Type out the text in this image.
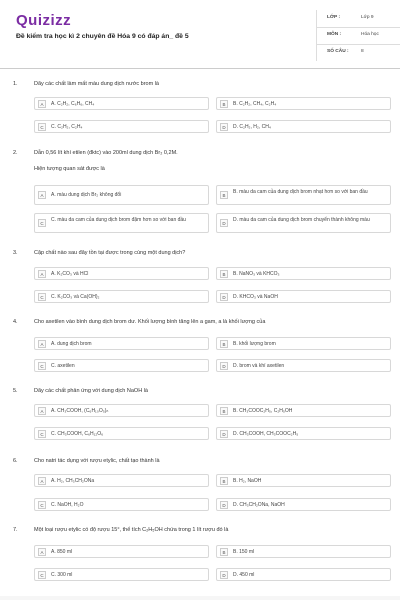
Quizizz
Đề kiểm tra học kì 2 chuyên đề Hóa 9 có đáp án_ đề 5
LỚP :	Lớp 9
MÔN :	Hóa học
SỐ CÂU :	8
1.	Dãy các chất làm mất màu dung dịch nước brom là
A	A. C₂H₂, C₆H₆, CH₄	B	B. C₂H₂, CH₄, C₂H₄
C	C. C₂H₂, C₂H₄	D	D. C₂H₂, H₂, CH₄
2.	Dẫn 0,56 lít khí etilen (đktc) vào 200ml dung dịch Br₂ 0,2M.
Hiện tượng quan sát được là
A	A. màu dung dịch Br₂ không đổi	B
B. màu da cam của dung dịch brom nhạt hơn so với ban đầu
C
C. màu da cam của dung dịch brom đậm hơn so với ban đầu
D
D. màu da cam của dung dịch brom chuyển thành không màu
3.	Cặp chất nào sau đây tồn tại được trong cùng một dung dịch?
A	A. K₂CO₃ và HCl	B	B. NaNO₃ và KHCO₃
C	C. K₂CO₃ và Ca(OH)₂	D	D. KHCO₃ và NaOH
4.	Cho axetilen vào bình dung dịch brom dư. Khối lượng bình tăng lên a gam, a là khối lượng của
A	A. dung dịch brom	B	B. khối lượng brom
C	C. axetilen	D	D. brom và khí axetilen
5.	Dãy các chất phản ứng với dung dịch NaOH là
A	A. CH₃COOH, (C₆H₁₀O₅)ₙ	B	B. CH₃COOC₂H₅, C₂H₅OH
C	C. CH₃COOH, C₆H₁₂O₆	D	D. CH₃COOH, CH₃COOC₂H₅
6.	Cho natri tác dụng với rượu etylic, chất tạo thành là
A	A. H₂, CH₃CH₂ONa	B	B. H₂, NaOH
C	C. NaOH, H₂O	D	D. CH₃CH₂ONa, NaOH
7.	Một loại rượu etylic có độ rượu 15°, thể tích C₂H₅OH chứa trong 1 lít rượu đó là
A	A. 850 ml	B	B. 150 ml
C	C. 300 ml	D	D. 450 ml
